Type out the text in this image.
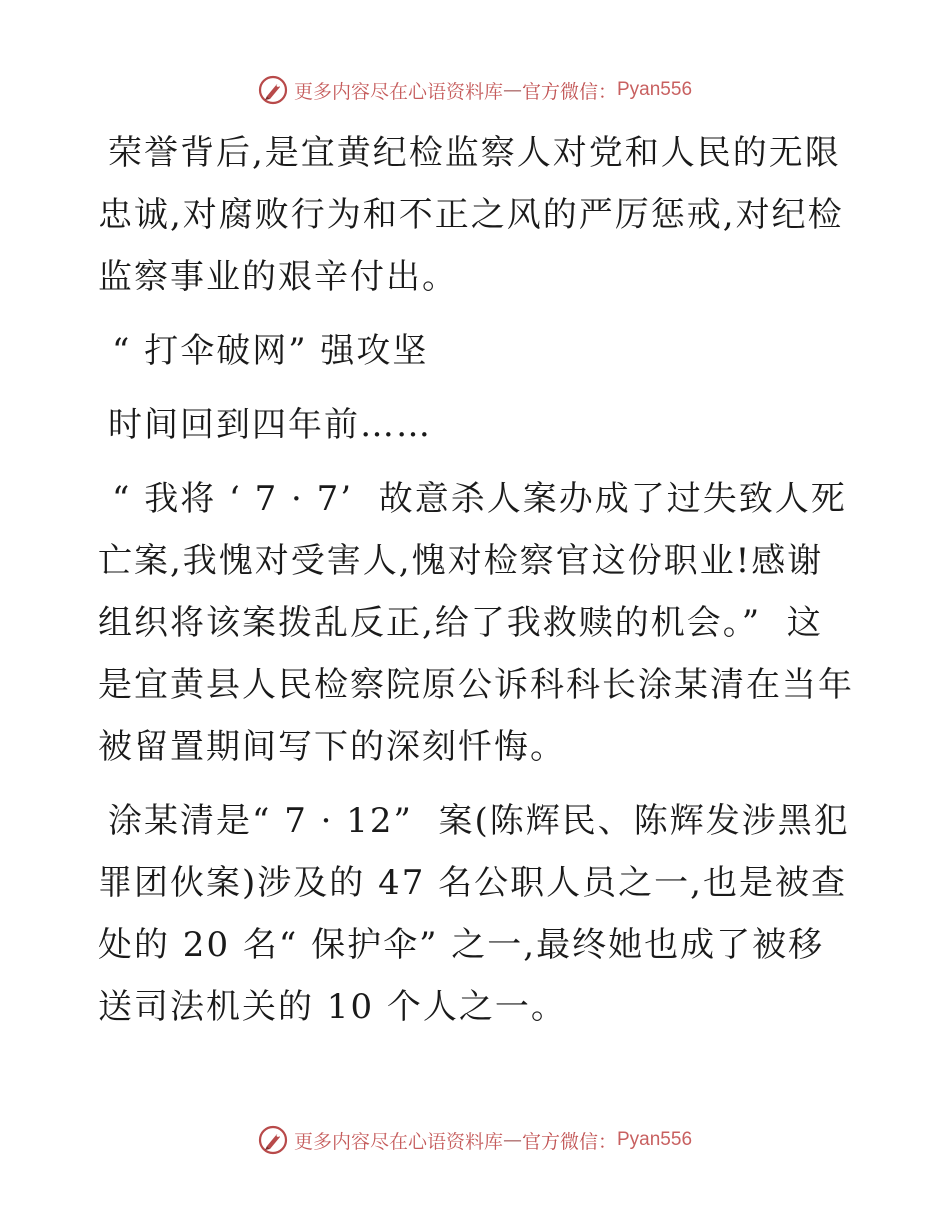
更多内容尽在心语资料库 — 官方微信： Pyan556

荣誉背后,是宜黄纪检监察人对党和人民的无限忠诚,对腐败行为和不正之风的严厉惩戒,对纪检监察事业的艰辛付出。

“ 打伞破网” 强攻坚

时间回到四年前……

“ 我将 ‘ 7 · 7’  故意杀人案办成了过失致人死亡案,我愧对受害人,愧对检察官这份职业!感谢组织将该案拨乱反正,给了我救赎的机会。”  这是宜黄县人民检察院原公诉科科长涂某清在当年被留置期间写下的深刻忏悔。

涂某清是“ 7 · 12”  案(陈辉民、陈辉发涉黑犯罪团伙案)涉及的 47 名公职人员之一,也是被查处的 20 名“ 保护伞” 之一,最终她也成了被移送司法机关的 10 个人之一。

更多内容尽在心语资料库 — 官方微信： Pyan556
